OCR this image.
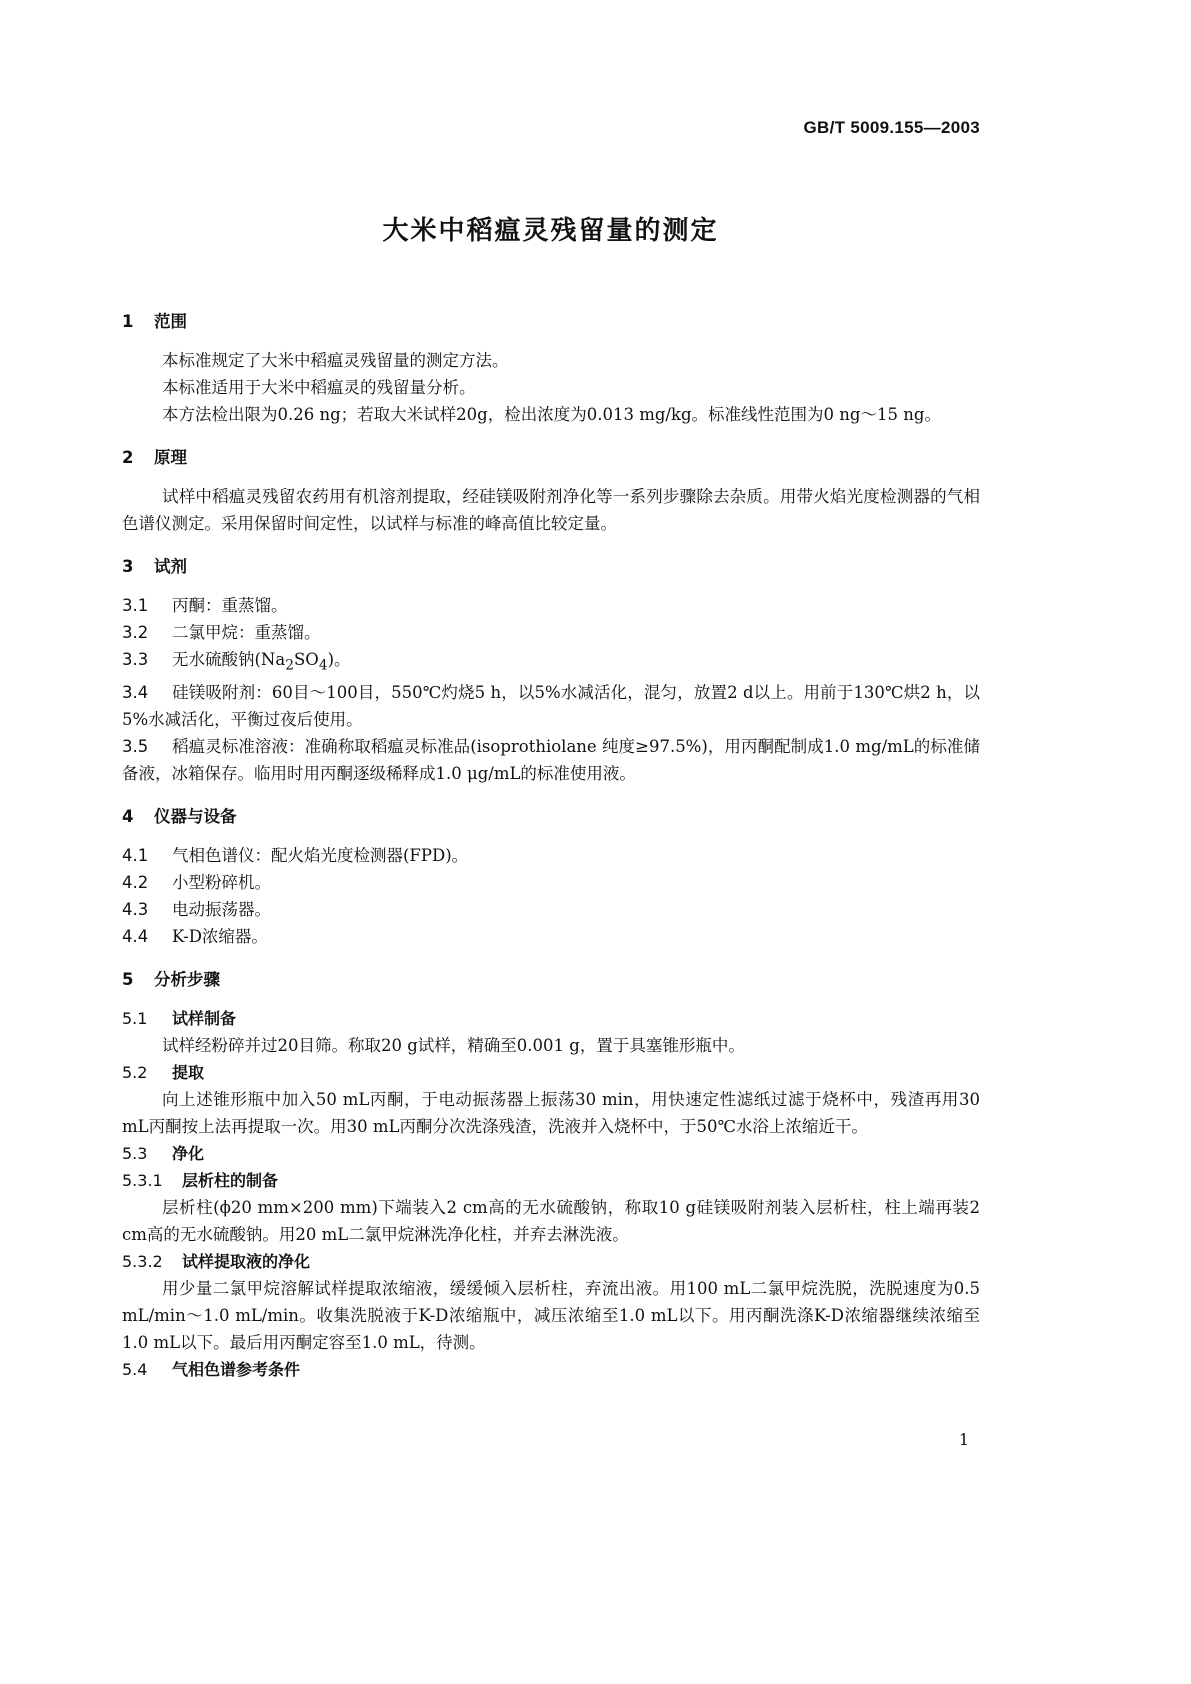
GB/T 5009.155—2003
大米中稻瘟灵残留量的测定
1 范围

本标准规定了大米中稻瘟灵残留量的测定方法。

本标准适用于大米中稻瘟灵的残留量分析。

本方法检出限为0.26 ng；若取大米试样20g，检出浓度为0.013 mg/kg。标准线性范围为0 ng～15 ng。

2 原理

试样中稻瘟灵残留农药用有机溶剂提取，经硅镁吸附剂净化等一系列步骤除去杂质。用带火焰光度检测器的气相色谱仪测定。采用保留时间定性，以试样与标准的峰高值比较定量。

3 试剂

3.1 丙酮：重蒸馏。

3.2 二氯甲烷：重蒸馏。

3.3 无水硫酸钠$(Na_2SO_4)$。

3.4 硅镁吸附剂：60目～100目，550℃灼烧5 h，以5%水减活化，混匀，放置2 d以上。用前于130℃烘2 h，以5%水减活化，平衡过夜后使用。

3.5 稻瘟灵标准溶液：准确称取稻瘟灵标准品(isoprothiolane 纯度≥97.5%)，用丙酮配制成1.0 mg/mL的标准储备液，冰箱保存。临用时用丙酮逐级稀释成1.0 μg/mL的标准使用液。

4 仪器与设备

4.1 气相色谱仪：配火焰光度检测器(FPD)。

4.2 小型粉碎机。

4.3 电动振荡器。

4.4 K-D浓缩器。

5 分析步骤
5.1 试样制备

试样经粉碎并过20目筛。称取20 g试样，精确至0.001 g，置于具塞锥形瓶中。

5.2 提取

向上述锥形瓶中加入50 mL丙酮，于电动振荡器上振荡30 min，用快速定性滤纸过滤于烧杯中，残渣再用30 mL丙酮按上法再提取一次。用30 mL丙酮分次洗涤残渣，洗液并入烧杯中，于50℃水浴上浓缩近干。

5.3 净化
5.3.1 层析柱的制备

层析柱(ϕ20 mm×200 mm)下端装入2 cm高的无水硫酸钠，称取10 g硅镁吸附剂装入层析柱，柱上端再装2 cm高的无水硫酸钠。用20 mL二氯甲烷淋洗净化柱，并弃去淋洗液。

5.3.2 试样提取液的净化

用少量二氯甲烷溶解试样提取浓缩液，缓缓倾入层析柱，弃流出液。用100 mL二氯甲烷洗脱，洗脱速度为0.5 mL/min～1.0 mL/min。收集洗脱液于K-D浓缩瓶中，减压浓缩至1.0 mL以下。用丙酮洗涤K-D浓缩器继续浓缩至1.0 mL以下。最后用丙酮定容至1.0 mL，待测。

5.4 气相色谱参考条件
1
